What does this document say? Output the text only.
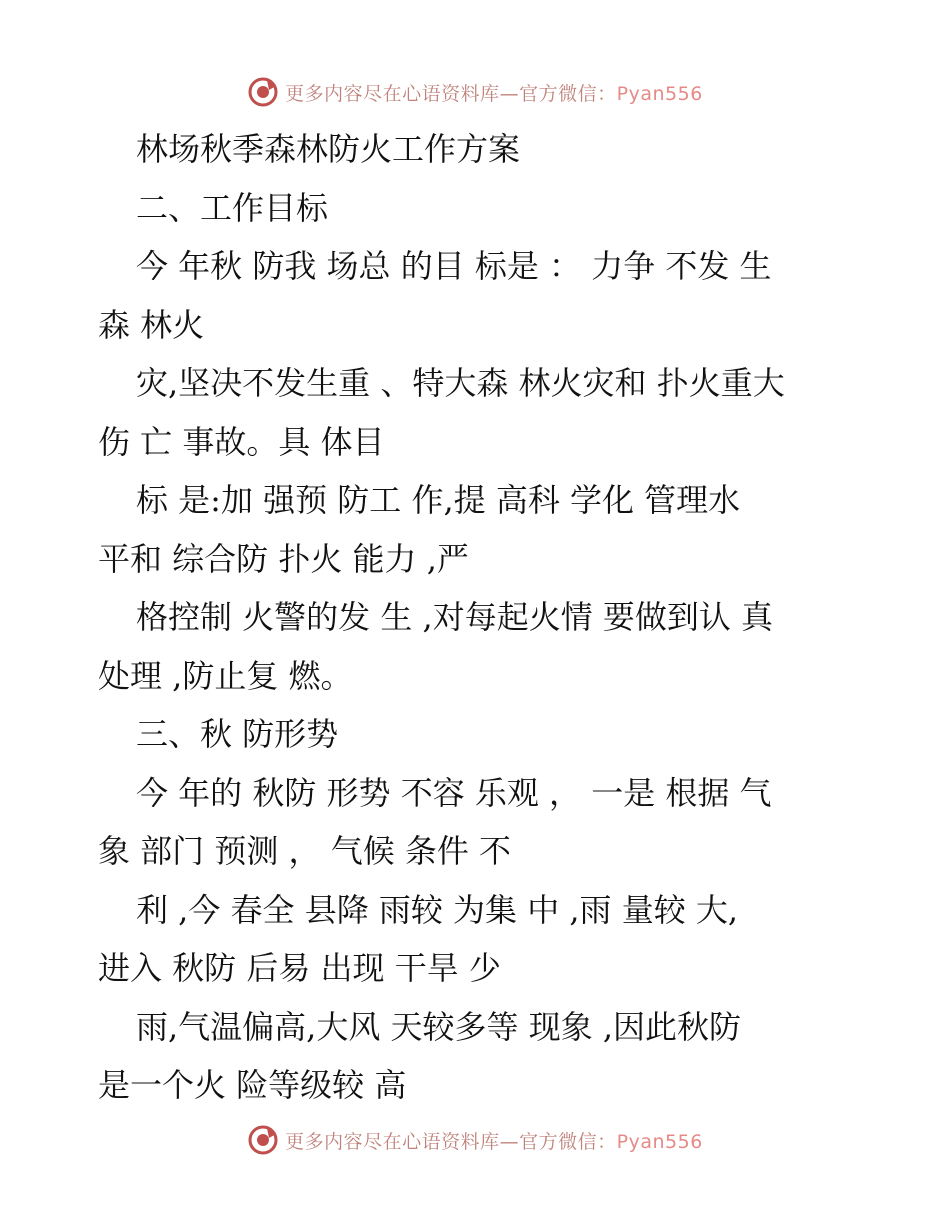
更多内容尽在心语资料库—官方微信：Pyan556
林场秋季森林防火工作方案
二、工作目标
今 年秋 防我 场总 的目 标是 ： 力争 不发 生
森 林火
灾,坚决不发生重 、特大森 林火灾和 扑火重大
伤 亡 事故。具 体目
标 是:加 强预 防工 作,提 高科 学化 管理水
平和 综合防 扑火 能力 ,严
格控制 火警的发 生 ,对每起火情 要做到认 真
处理 ,防止复 燃。
三、秋 防形势
今 年的 秋防 形势 不容 乐观 ， 一是 根据 气
象 部门 预测 ， 气候 条件 不
利 ,今 春全 县降 雨较 为集 中 ,雨 量较 大,
进入 秋防 后易 出现 干旱 少
雨,气温偏高,大风 天较多等 现象 ,因此秋防
是一个火 险等级较 高
更多内容尽在心语资料库—官方微信：Pyan556
